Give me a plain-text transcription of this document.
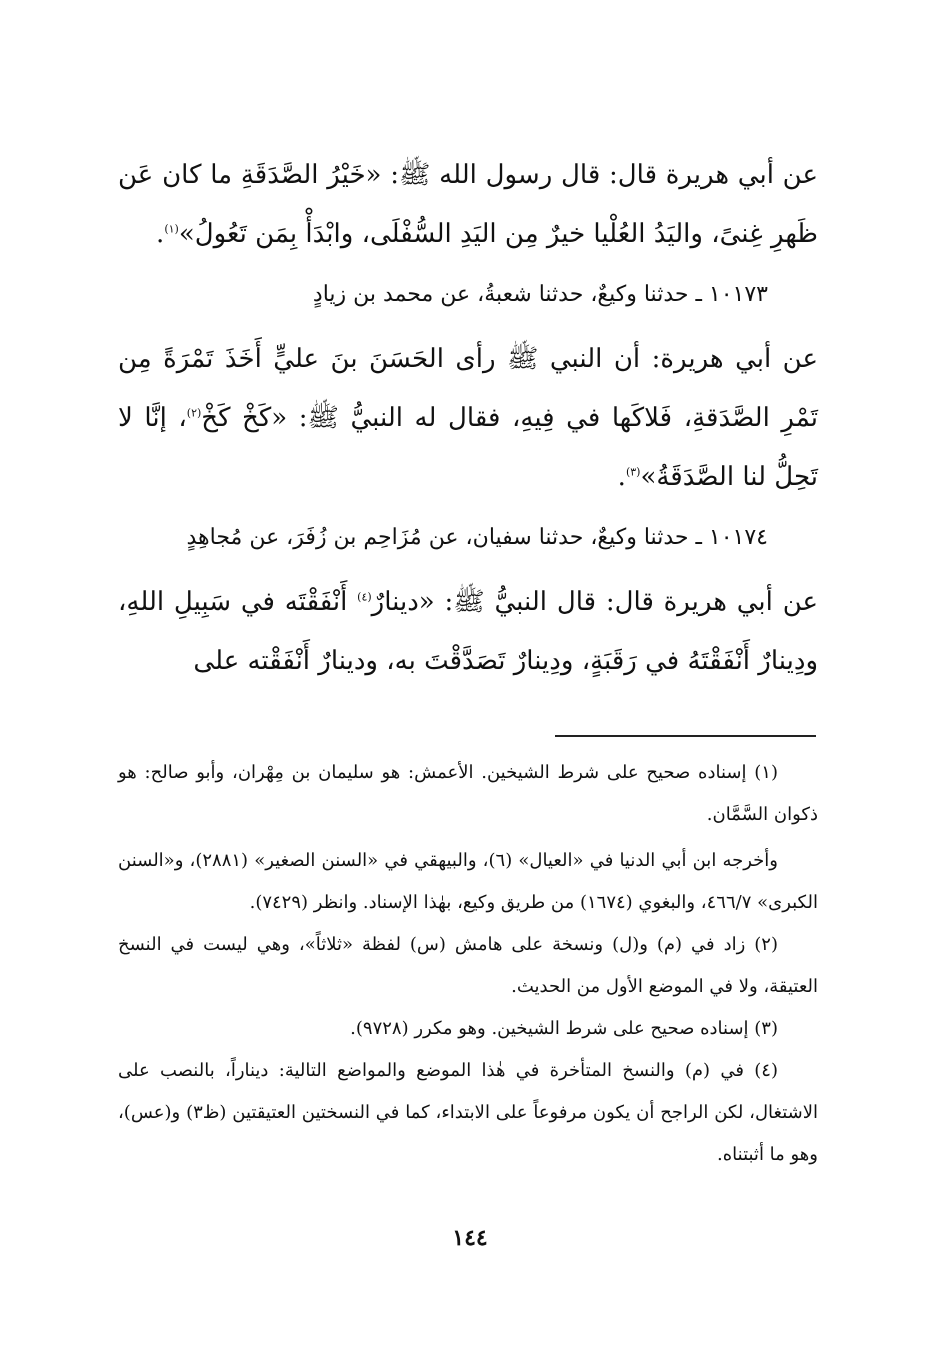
عن أبي هريرة قال: قال رسول الله ﷺ: «خَيْرُ الصَّدَقَةِ ما كان عَن ظَهرِ غِنىً، واليَدُ العُلْيا خيرٌ مِن اليَدِ السُّفْلَى، وابْدَأْ بِمَن تَعُولُ»$^{(١)}$.

١٠١٧٣ ـ حدثنا وكيعٌ، حدثنا شعبةُ، عن محمد بن زيادٍ

عن أبي هريرة: أن النبي ﷺ رأى الحَسَنَ بنَ عليٍّ أَخَذَ تَمْرَةً مِن تَمْرِ الصَّدَقةِ، فَلاكَها في فِيهِ، فقال له النبيُّ ﷺ: «كَخْ كَخْ$^{(٢)}$، إنَّا لا تَحِلُّ لنا الصَّدَقَةُ»$^{(٣)}$.

١٠١٧٤ ـ حدثنا وكيعٌ، حدثنا سفيان، عن مُزَاحِم بن زُفَرَ، عن مُجاهِدٍ

عن أبي هريرة قال: قال النبيُّ ﷺ: «دينارٌ$^{(٤)}$ أَنْفَقْتَه في سَبِيلِ اللهِ، ودِينارٌ أَنْفَقْتَهُ في رَقَبَةٍ، ودِينارٌ تَصَدَّقْتَ به، ودينارٌ أَنْفَقْته على

(١) إسناده صحيح على شرط الشيخين. الأعمش: هو سليمان بن مِهْران، وأبو صالح: هو ذكوان السَّمَّان.

وأخرجه ابن أبي الدنيا في «العيال» (٦)، والبيهقي في «السنن الصغير» (٢٨٨١)، و«السنن الكبرى» ٤٦٦/٧، والبغوي (١٦٧٤) من طريق وكيع، بهٰذا الإسناد. وانظر (٧٤٢٩).

(٢) زاد في (م) و(ل) ونسخة على هامش (س) لفظة «ثلاثاً»، وهي ليست في النسخ العتيقة، ولا في الموضع الأول من الحديث.

(٣) إسناده صحيح على شرط الشيخين. وهو مكرر (٩٧٢٨).

(٤) في (م) والنسخ المتأخرة في هٰذا الموضع والمواضع التالية: ديناراً، بالنصب على الاشتغال، لكن الراجح أن يكون مرفوعاً على الابتداء، كما في النسختين العتيقتين (ظ٣) و(عس)، وهو ما أثبتناه.

١٤٤
